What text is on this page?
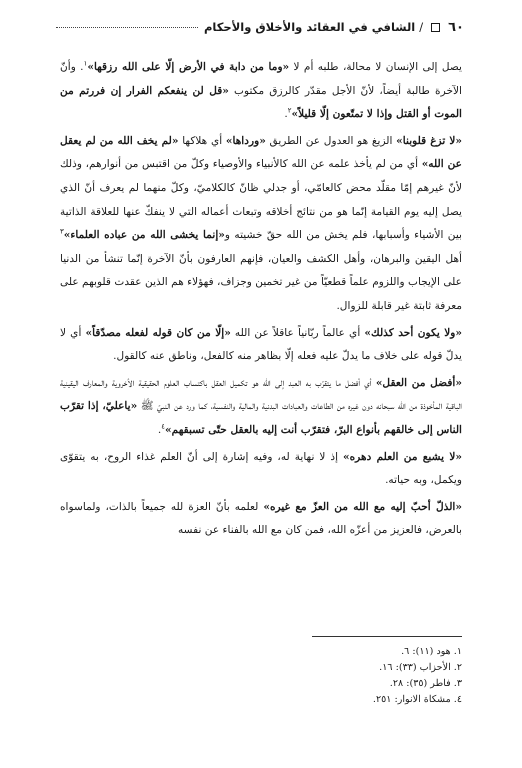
٦٠
/
الشافي في العقائد والأخلاق والأحكام

يصل إلى الإنسان لا محالة، طلبه أم لا «وما من دابة في الأرض إلّا على الله رزقها»$^١$. وأنّ الآخرة طالبة أيضاً، لأنّ الأجل مقدّر كالرزق مكتوب «قل لن ينفعكم الفرار إن فررتم من الموت أو القتل وإذا لا تمتّعون إلّا قليلاً»$^٢$.

«لا تزغ قلوبنا» الزيغ هو العدول عن الطريق «ورداها» أي هلاكها «لم يخف الله من لم يعقل عن الله» أي من لم يأخذ علمه عن الله كالأنبياء والأوصياء وكلّ من اقتبس من أنوارهم، وذلك لأنّ غيرهم إمّا مقلّد محض كالعامّي، أو جدلي ظانّ كالكلاميّ، وكلّ منهما لم يعرف أنّ الذي يصل إليه يوم القيامة إنّما هو من نتائج أخلاقه وتبعات أعماله التي لا ينفكّ عنها للعلاقة الذاتية بين الأشياء وأسبابها، فلم يخش من الله حقّ خشيته و«إنما يخشى الله من عباده العلماء»$^٣$ أهل اليقين والبرهان، وأهل الكشف والعيان، فإنهم العارفون بأنّ الآخرة إنّما تنشأ من الدنيا على الإيجاب واللزوم علماً قطعيّاً من غير تخمين وجزاف، فهؤلاء هم الذين عقدت قلوبهم على معرفة ثابتة غير قابلة للزوال.

«ولا يكون أحد كذلك» أي عالماً ربّانياً عاقلاً عن الله «إلّا من كان قوله لفعله مصدّقاً» أي لا يدلّ قوله على خلاف ما يدلّ عليه فعله إلّا بظاهر منه كالفعل، وناطق عنه كالقول.

«أفضل من العقل» أي أفضل ما يتقرّب به العبد إلى الله هو تكميل العقل باكتساب العلوم الحقيقية الأخروية والمعارف اليقينية الباقية المأخوذة من الله سبحانه دون غيره من الطاعات والعبادات البدنية والمالية والنفسية، كما ورد عن النبيّ ﷺ «ياعليّ، إذا تقرّب الناس إلى خالقهم بأنواع البرّ، فتقرّب أنت إليه بالعقل حتّى تسبقهم»$^٤$.

«لا يشبع من العلم دهره» إذ لا نهاية له، وفيه إشارة إلى أنّ العلم غذاء الروح، به يتقوّى ويكمل، وبه حياته.

«الذلّ أحبّ إليه مع الله من العزّ مع غيره» لعلمه بأنّ العزة لله جميعاً بالذات، ولماسواه بالعرض، فالعزيز من أعزّه الله، فمن كان مع الله بالفناء عن نفسه

١. هود (١١): ٦.
٢. الأحزاب (٣٣): ١٦.
٣. فاطر (٣٥): ٢٨.
٤. مشكاة الانوار: ٢٥١.
